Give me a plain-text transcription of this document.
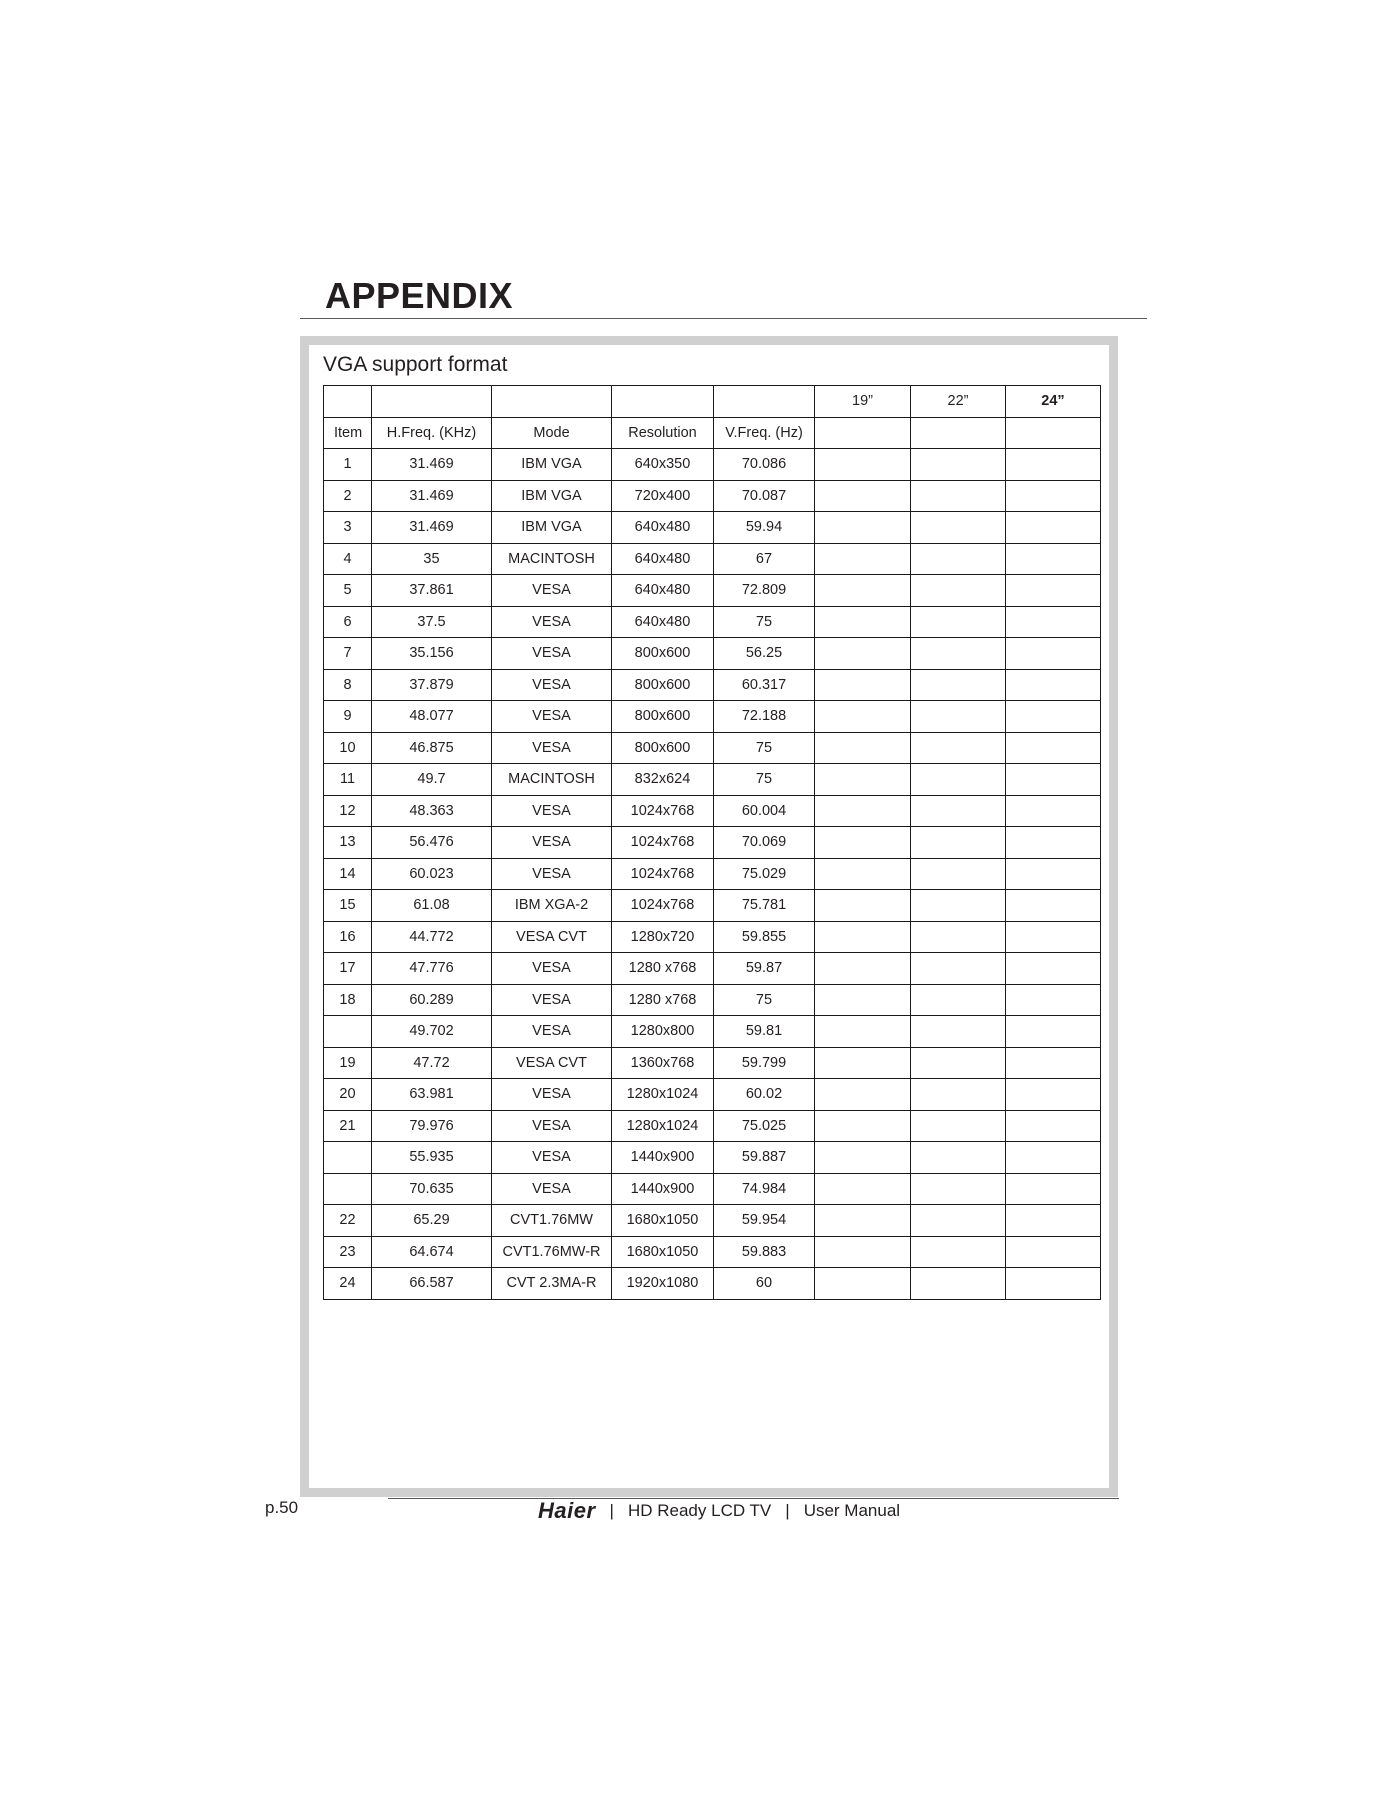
APPENDIX
VGA support format
					19”	22”	24”
Item	H.Freq. (KHz)	Mode	Resolution	V.Freq. (Hz)			
1	31.469	IBM VGA	640x350	70.086			
2	31.469	IBM VGA	720x400	70.087			
3	31.469	IBM VGA	640x480	59.94			
4	35	MACINTOSH	640x480	67			
5	37.861	VESA	640x480	72.809			
6	37.5	VESA	640x480	75			
7	35.156	VESA	800x600	56.25			
8	37.879	VESA	800x600	60.317			
9	48.077	VESA	800x600	72.188			
10	46.875	VESA	800x600	75			
11	49.7	MACINTOSH	832x624	75			
12	48.363	VESA	1024x768	60.004			
13	56.476	VESA	1024x768	70.069			
14	60.023	VESA	1024x768	75.029			
15	61.08	IBM XGA-2	1024x768	75.781			
16	44.772	VESA CVT	1280x720	59.855			
17	47.776	VESA	1280 x768	59.87			
18	60.289	VESA	1280 x768	75			
	49.702	VESA	1280x800	59.81			
19	47.72	VESA CVT	1360x768	59.799			
20	63.981	VESA	1280x1024	60.02			
21	79.976	VESA	1280x1024	75.025			
	55.935	VESA	1440x900	59.887			
	70.635	VESA	1440x900	74.984			
22	65.29	CVT1.76MW	1680x1050	59.954			
23	64.674	CVT1.76MW-R	1680x1050	59.883			
24	66.587	CVT 2.3MA-R	1920x1080	60			
p.50	Haier | HD Ready LCD TV | User Manual
